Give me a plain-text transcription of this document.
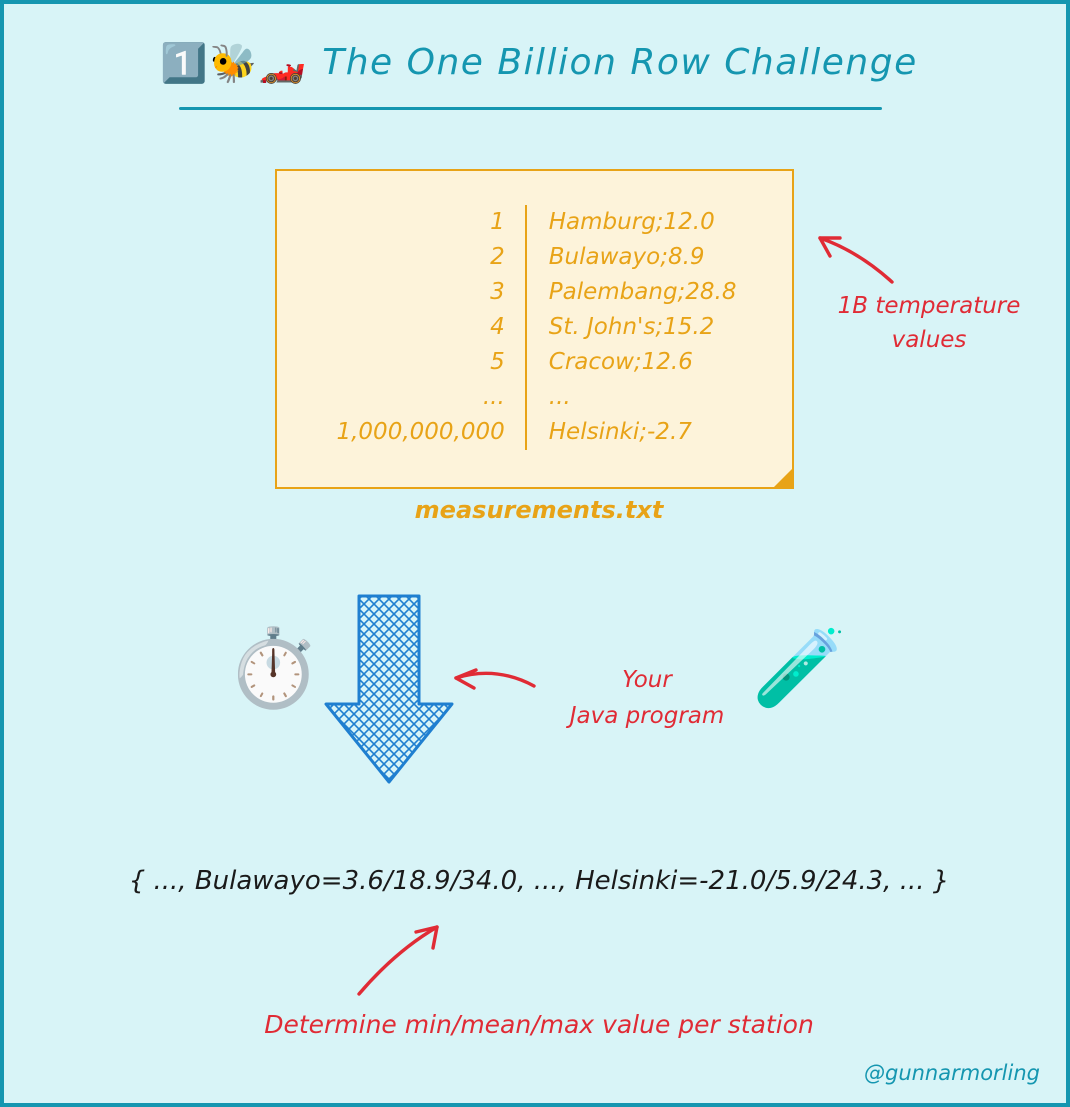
1️⃣🐝🏎️ The One Billion Row Challenge
1
2
3
4
5
...
1,000,000,000
Hamburg;12.0
Bulawayo;8.9
Palembang;28.8
St. John's;15.2
Cracow;12.6
...
Helsinki;-2.7
measurements.txt
1B temperature
values
⏱️	🧪
Your
Java program
{ ..., Bulawayo=3.6/18.9/34.0, ..., Helsinki=-21.0/5.9/24.3, ... }
Determine min/mean/max value per station
@gunnarmorling
